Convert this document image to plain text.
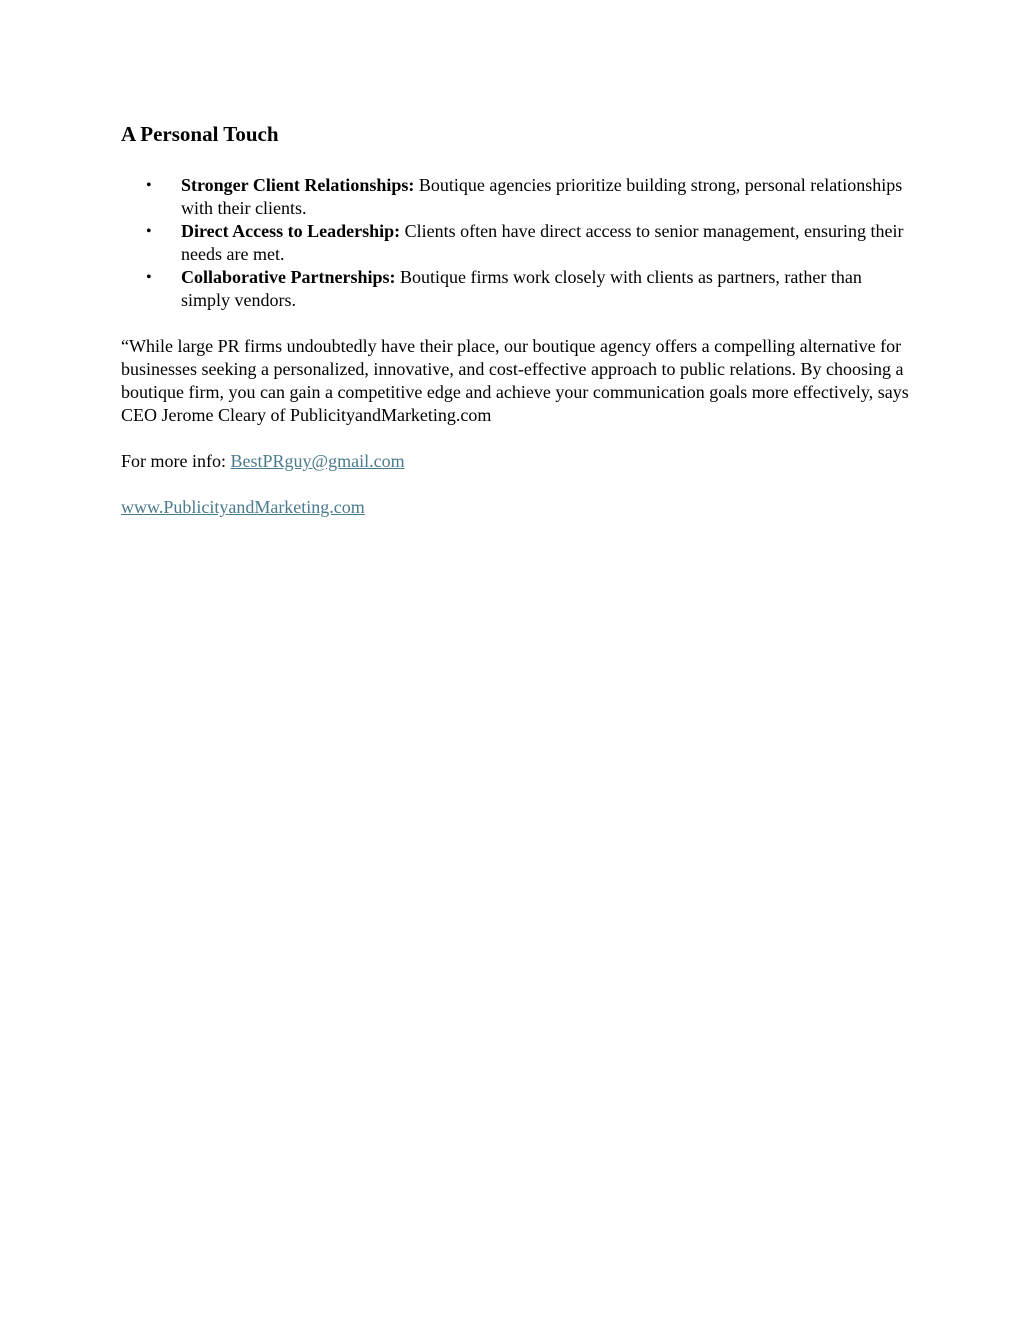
A Personal Touch
• Stronger Client Relationships: Boutique agencies prioritize building strong, personal relationships with their clients.
• Direct Access to Leadership: Clients often have direct access to senior management, ensuring their needs are met.
• Collaborative Partnerships: Boutique firms work closely with clients as partners, rather than simply vendors.

“While large PR firms undoubtedly have their place, our boutique agency offers a compelling alternative for businesses seeking a personalized, innovative, and cost-effective approach to public relations. By choosing a boutique firm, you can gain a competitive edge and achieve your communication goals more effectively, says CEO Jerome Cleary of PublicityandMarketing.com

For more info: BestPRguy@gmail.com

www.PublicityandMarketing.com
